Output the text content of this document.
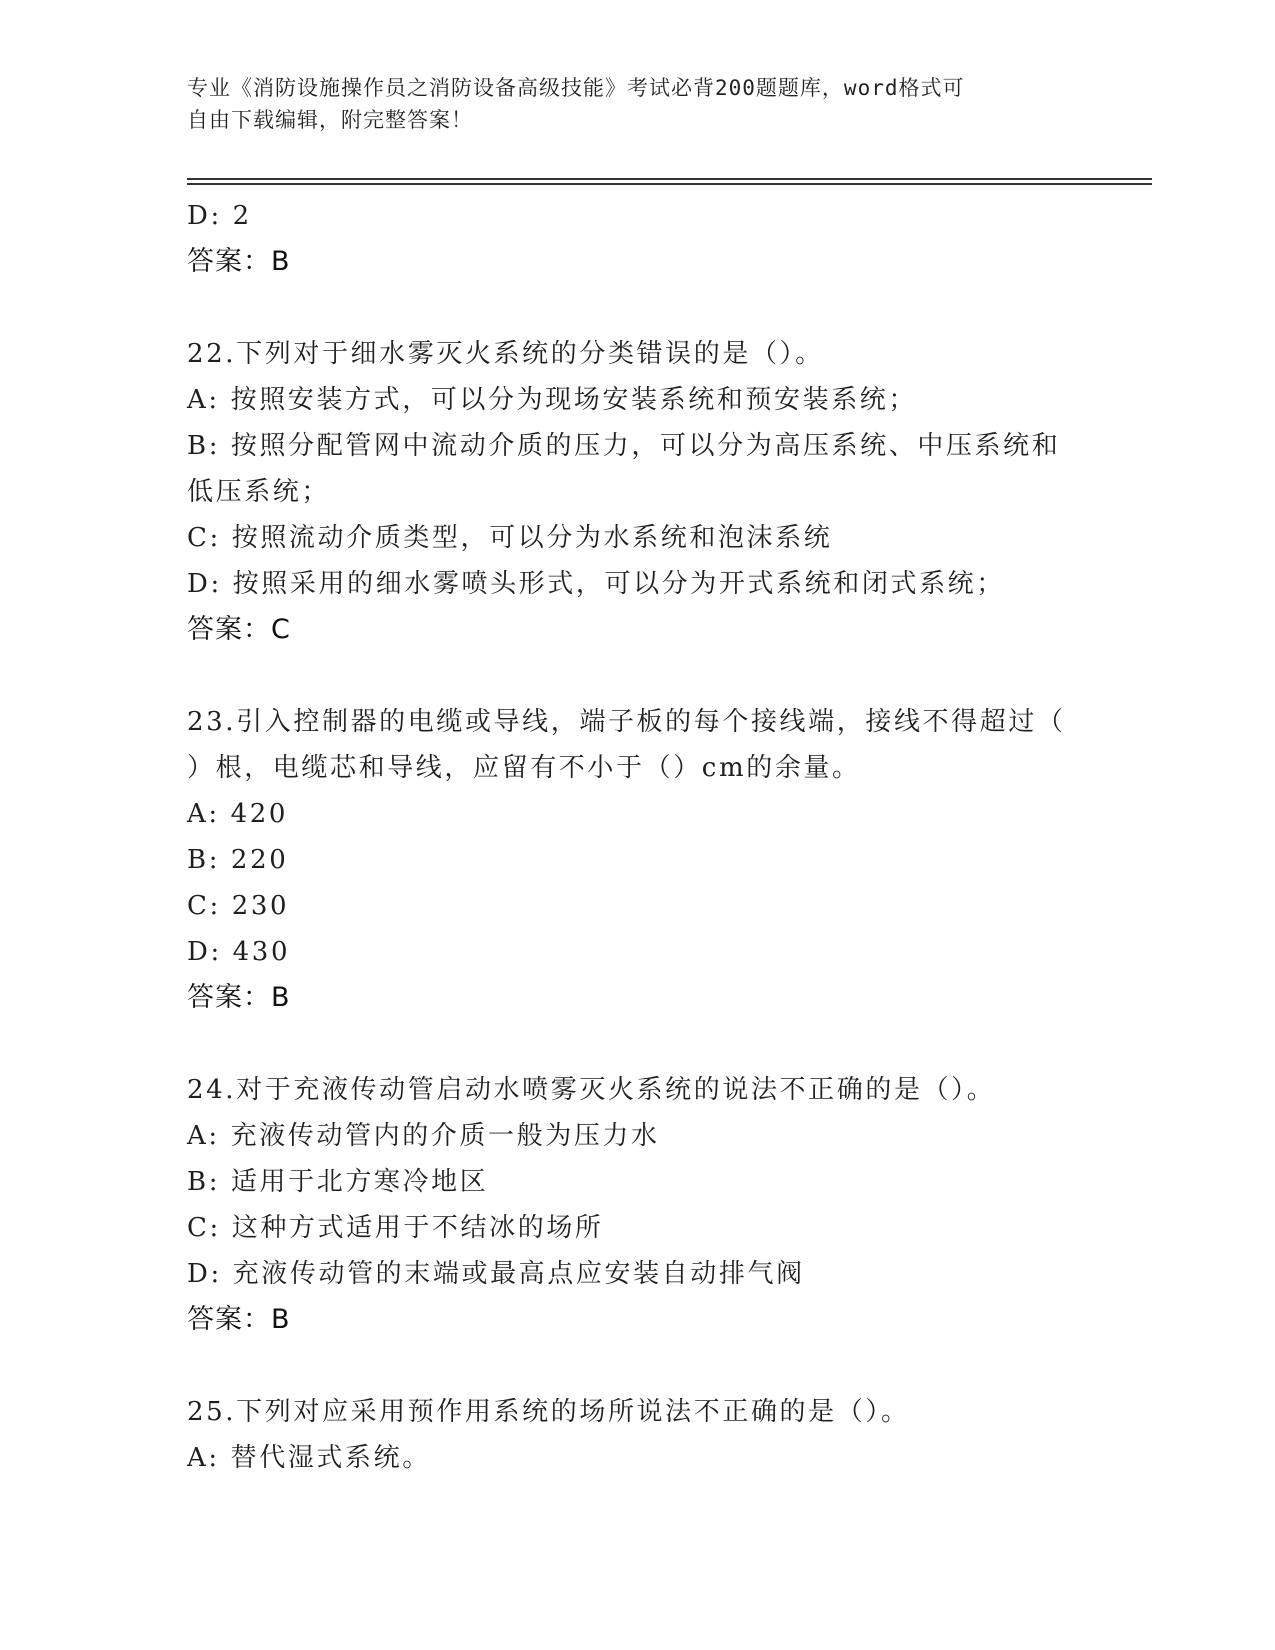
专业《消防设施操作员之消防设备高级技能》考试必背200题题库，word格式可
自由下载编辑，附完整答案！
D: 2
答案：B
22.下列对于细水雾灭火系统的分类错误的是（）。
A: 按照安装方式，可以分为现场安装系统和预安装系统；
B: 按照分配管网中流动介质的压力，可以分为高压系统、中压系统和
低压系统；
C: 按照流动介质类型，可以分为水系统和泡沫系统
D: 按照采用的细水雾喷头形式，可以分为开式系统和闭式系统；
答案：C
23.引入控制器的电缆或导线，端子板的每个接线端，接线不得超过（
）根，电缆芯和导线，应留有不小于（）cm的余量。
A: 420
B: 220
C: 230
D: 430
答案：B
24.对于充液传动管启动水喷雾灭火系统的说法不正确的是（）。
A: 充液传动管内的介质一般为压力水
B: 适用于北方寒冷地区
C: 这种方式适用于不结冰的场所
D: 充液传动管的末端或最高点应安装自动排气阀
答案：B
25.下列对应采用预作用系统的场所说法不正确的是（）。
A: 替代湿式系统。
